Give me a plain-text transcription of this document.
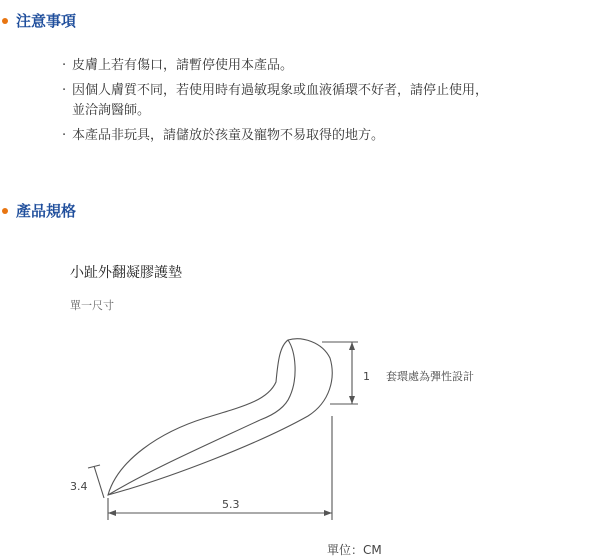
注意事項
· 皮膚上若有傷口，請暫停使用本產品。
· 因個人膚質不同，若使用時有過敏現象或血液循環不好者，請停止使用，
並洽詢醫師。
· 本產品非玩具，請儲放於孩童及寵物不易取得的地方。
產品規格
小趾外翻凝膠護墊
單一尺寸
1 套環處為彈性設計
3.4
5.3
單位：CM
